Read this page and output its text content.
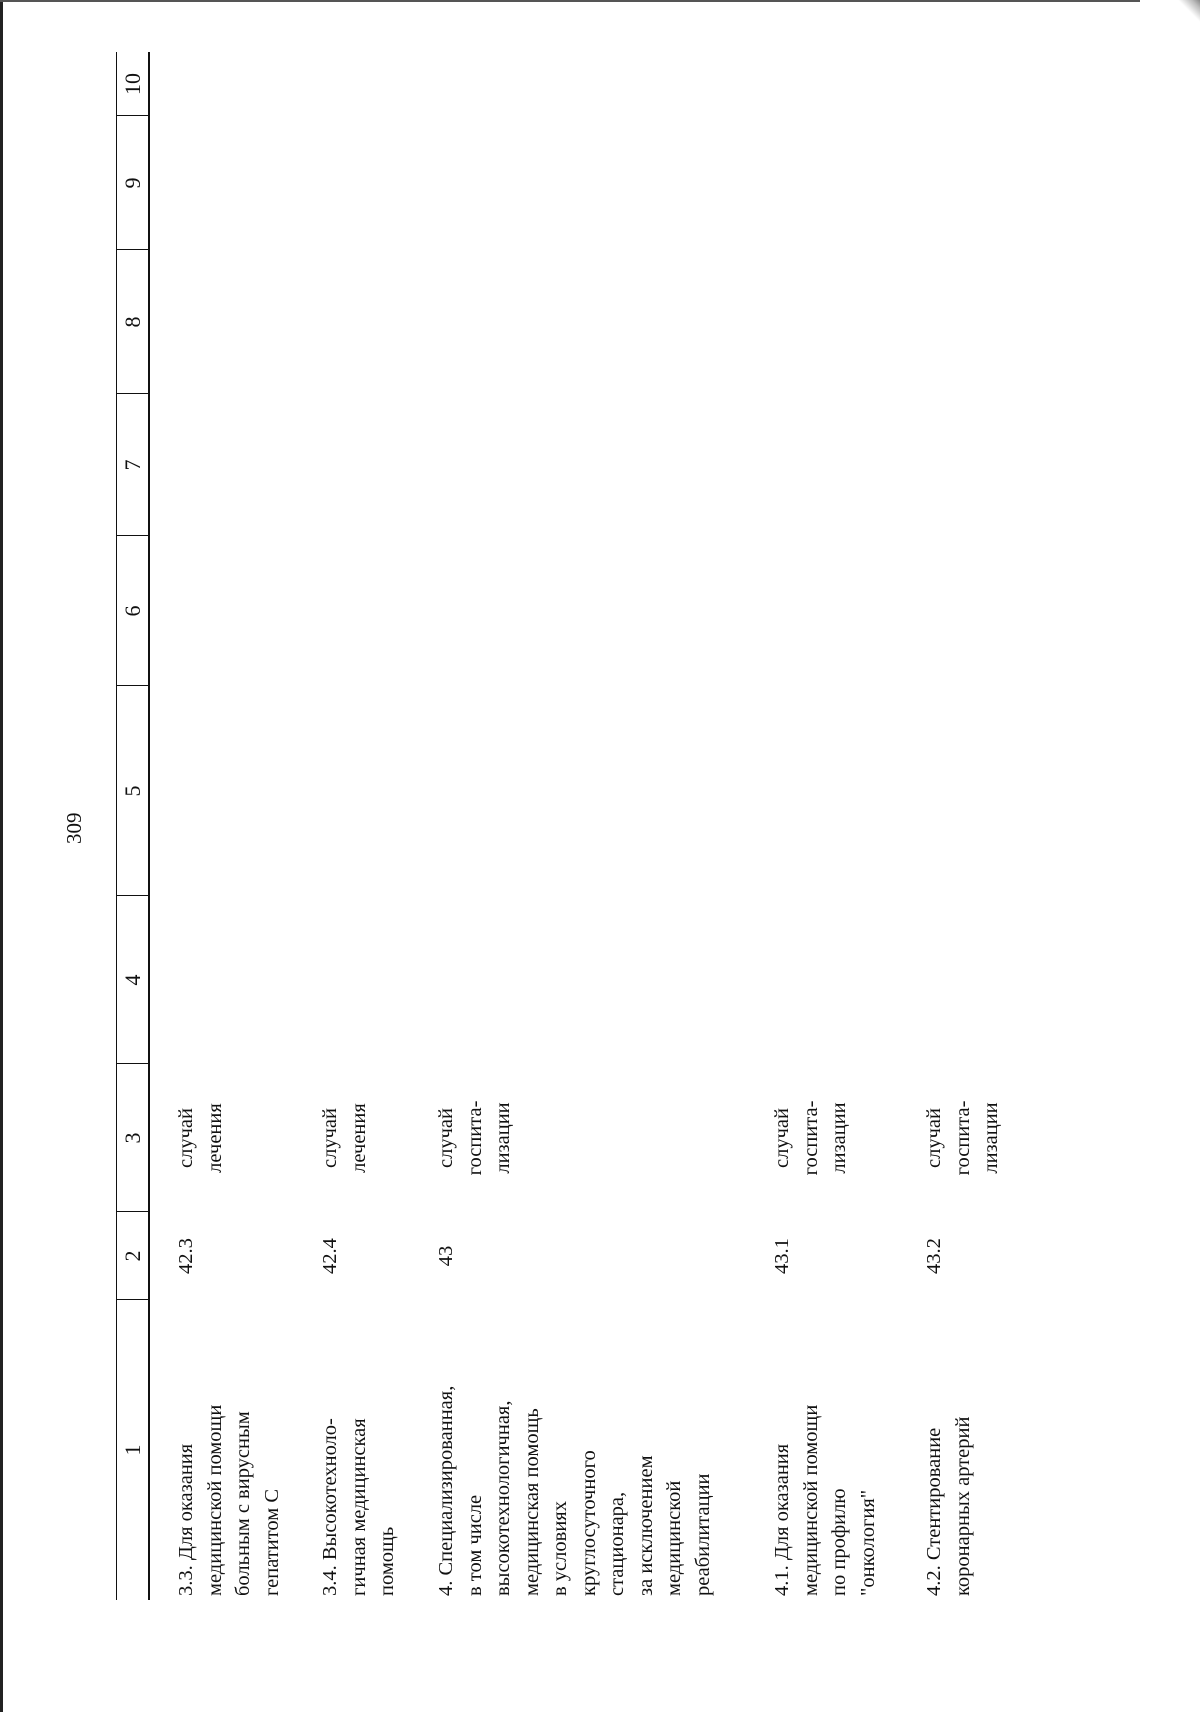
309
1
2
3
4
5
6
7
8
9
10
3.3. Для оказания
медицинской помощи
больным с вирусным
гепатитом С
42.3
случай
лечения
3.4. Высокотехноло-
гичная медицинская
помощь
42.4
случай
лечения
4. Специализированная,
в том числе
высокотехнологичная,
медицинская помощь
в условиях
круглосуточного
стационара,
за исключением
медицинской
реабилитации
43
случай
госпита-
лизации
4.1. Для оказания
медицинской помощи
по профилю
"онкология"
43.1
случай
госпита-
лизации
4.2. Стентирование
коронарных артерий
43.2
случай
госпита-
лизации
